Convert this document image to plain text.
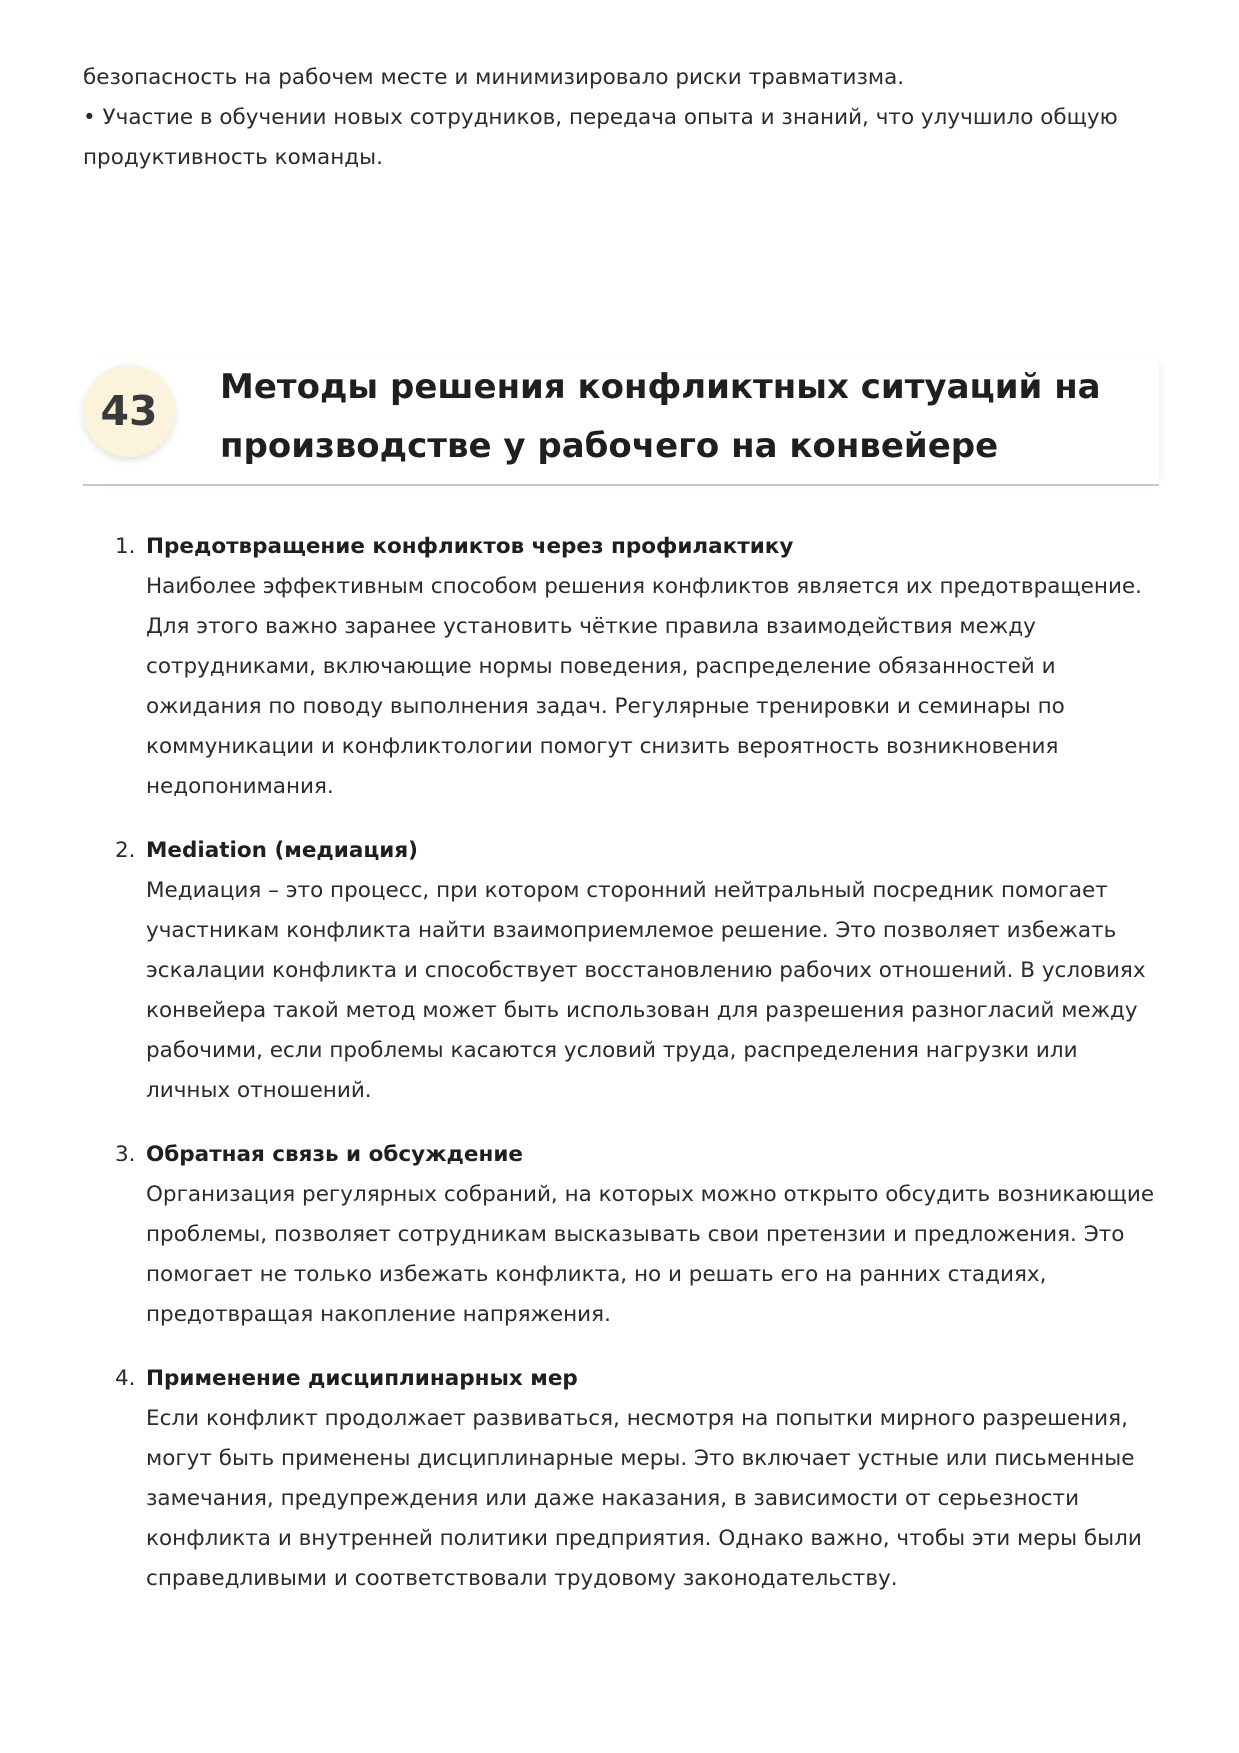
безопасность на рабочем месте и минимизировало риски травматизма.

• Участие в обучении новых сотрудников, передача опыта и знаний, что улучшило общую продуктивность команды.

43	Методы решения конфликтных ситуаций на производстве у рабочего на конвейере
1. Предотвращение конфликтов через профилактику
Наиболее эффективным способом решения конфликтов является их предотвращение. Для этого важно заранее установить чёткие правила взаимодействия между сотрудниками, включающие нормы поведения, распределение обязанностей и ожидания по поводу выполнения задач. Регулярные тренировки и семинары по коммуникации и конфликтологии помогут снизить вероятность возникновения недопонимания.
2. Mediation (медиация)
Медиация – это процесс, при котором сторонний нейтральный посредник помогает участникам конфликта найти взаимоприемлемое решение. Это позволяет избежать эскалации конфликта и способствует восстановлению рабочих отношений. В условиях конвейера такой метод может быть использован для разрешения разногласий между рабочими, если проблемы касаются условий труда, распределения нагрузки или личных отношений.
3. Обратная связь и обсуждение
Организация регулярных собраний, на которых можно открыто обсудить возникающие проблемы, позволяет сотрудникам высказывать свои претензии и предложения. Это помогает не только избежать конфликта, но и решать его на ранних стадиях, предотвращая накопление напряжения.
4. Применение дисциплинарных мер
Если конфликт продолжает развиваться, несмотря на попытки мирного разрешения, могут быть применены дисциплинарные меры. Это включает устные или письменные замечания, предупреждения или даже наказания, в зависимости от серьезности конфликта и внутренней политики предприятия. Однако важно, чтобы эти меры были справедливыми и соответствовали трудовому законодательству.
